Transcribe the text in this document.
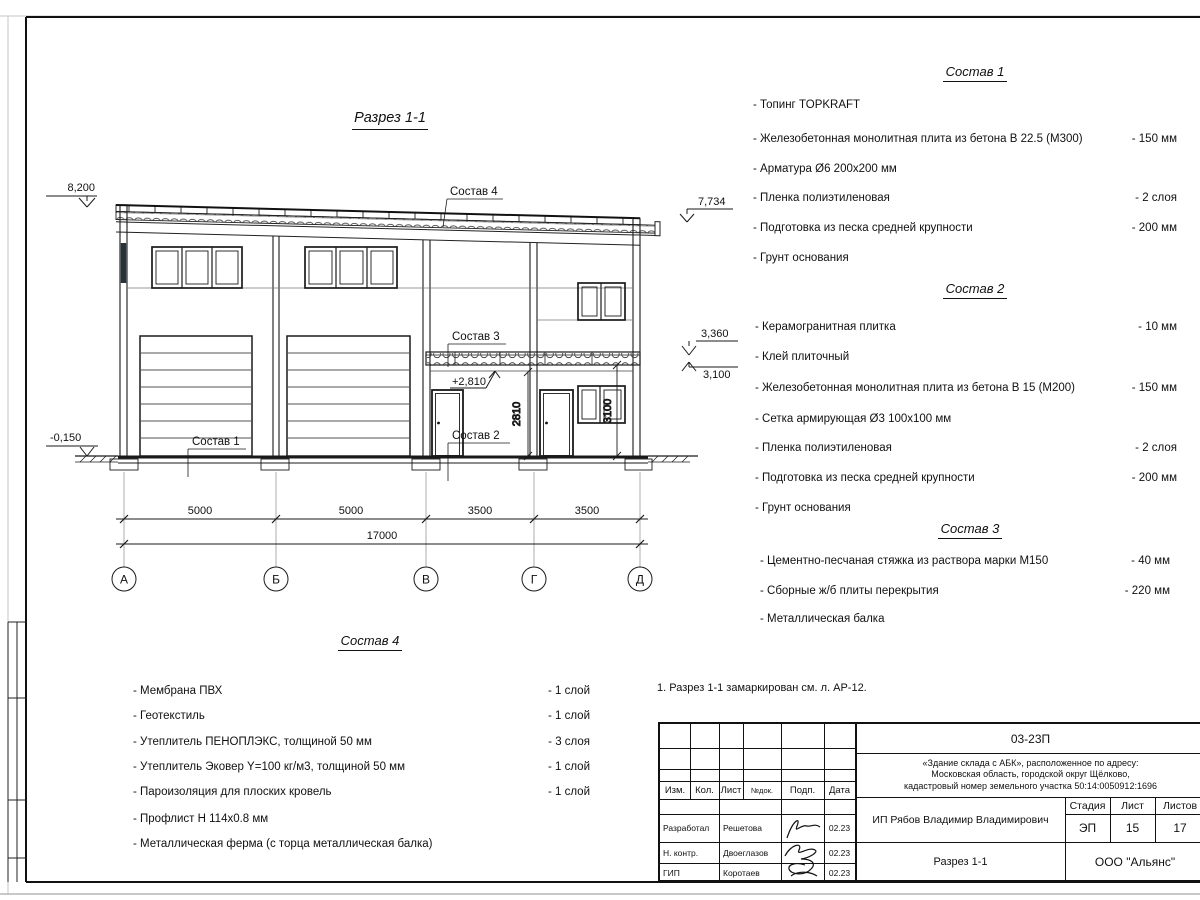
8,200
7,734
3,360
3,100
-0,150
+2,810
2810	3100
Состав 4
Состав 3
Состав 1	Состав 2
5000	5000	3500	3500
17000
А	Б	В	Г	Д
Разрез 1-1
Состав 1
- Топинг TOPKRAFT
- Железобетонная монолитная плита из бетона В 22.5 (М300)	- 150 мм
- Арматура Ø6 200х200 мм
- Пленка полиэтиленовая	- 2 слоя
- Подготовка из песка средней крупности	- 200 мм
- Грунт основания
Состав 2
- Керамогранитная плитка	- 10 мм
- Клей плиточный
- Железобетонная монолитная плита из бетона В 15 (М200)	- 150 мм
- Сетка армирующая Ø3 100х100 мм
- Пленка полиэтиленовая	- 2 слоя
- Подготовка из песка средней крупности	- 200 мм
- Грунт основания
Состав 3
- Цементно-песчаная стяжка из раствора марки М150	- 40 мм
- Сборные ж/б плиты перекрытия	- 220 мм
- Металлическая балка
Состав 4
- Мембрана ПВХ	- 1 слой
- Геотекстиль	- 1 слой
- Утеплитель ПЕНОПЛЭКС, толщиной 50 мм	- 3 слоя
- Утеплитель Эковер Y=100 кг/м3, толщиной 50 мм	- 1 слой
- Пароизоляция для плоских кровель	- 1 слой
- Профлист Н 114х0.8 мм
- Металлическая ферма (с торца металлическая балка)
1. Разрез 1-1 замаркирован см. л. АР-12.
Изм.	Кол. Лист	№док.	Подп.	Дата
Разработал	Решетова	02.23
Н. контр.	Двоеглазов	02.23
ГИП	Коротаев	02.23
03-23П
«Здание склада с АБК», расположенное по адресу:
Московская область, городской округ Щёлково,
кадастровый номер земельного участка 50:14:0050912:1696
ИП Рябов Владимир Владимирович
Стадия	Лист	Листов
ЭП	15	17
Разрез 1-1	ООО "Альянс"
